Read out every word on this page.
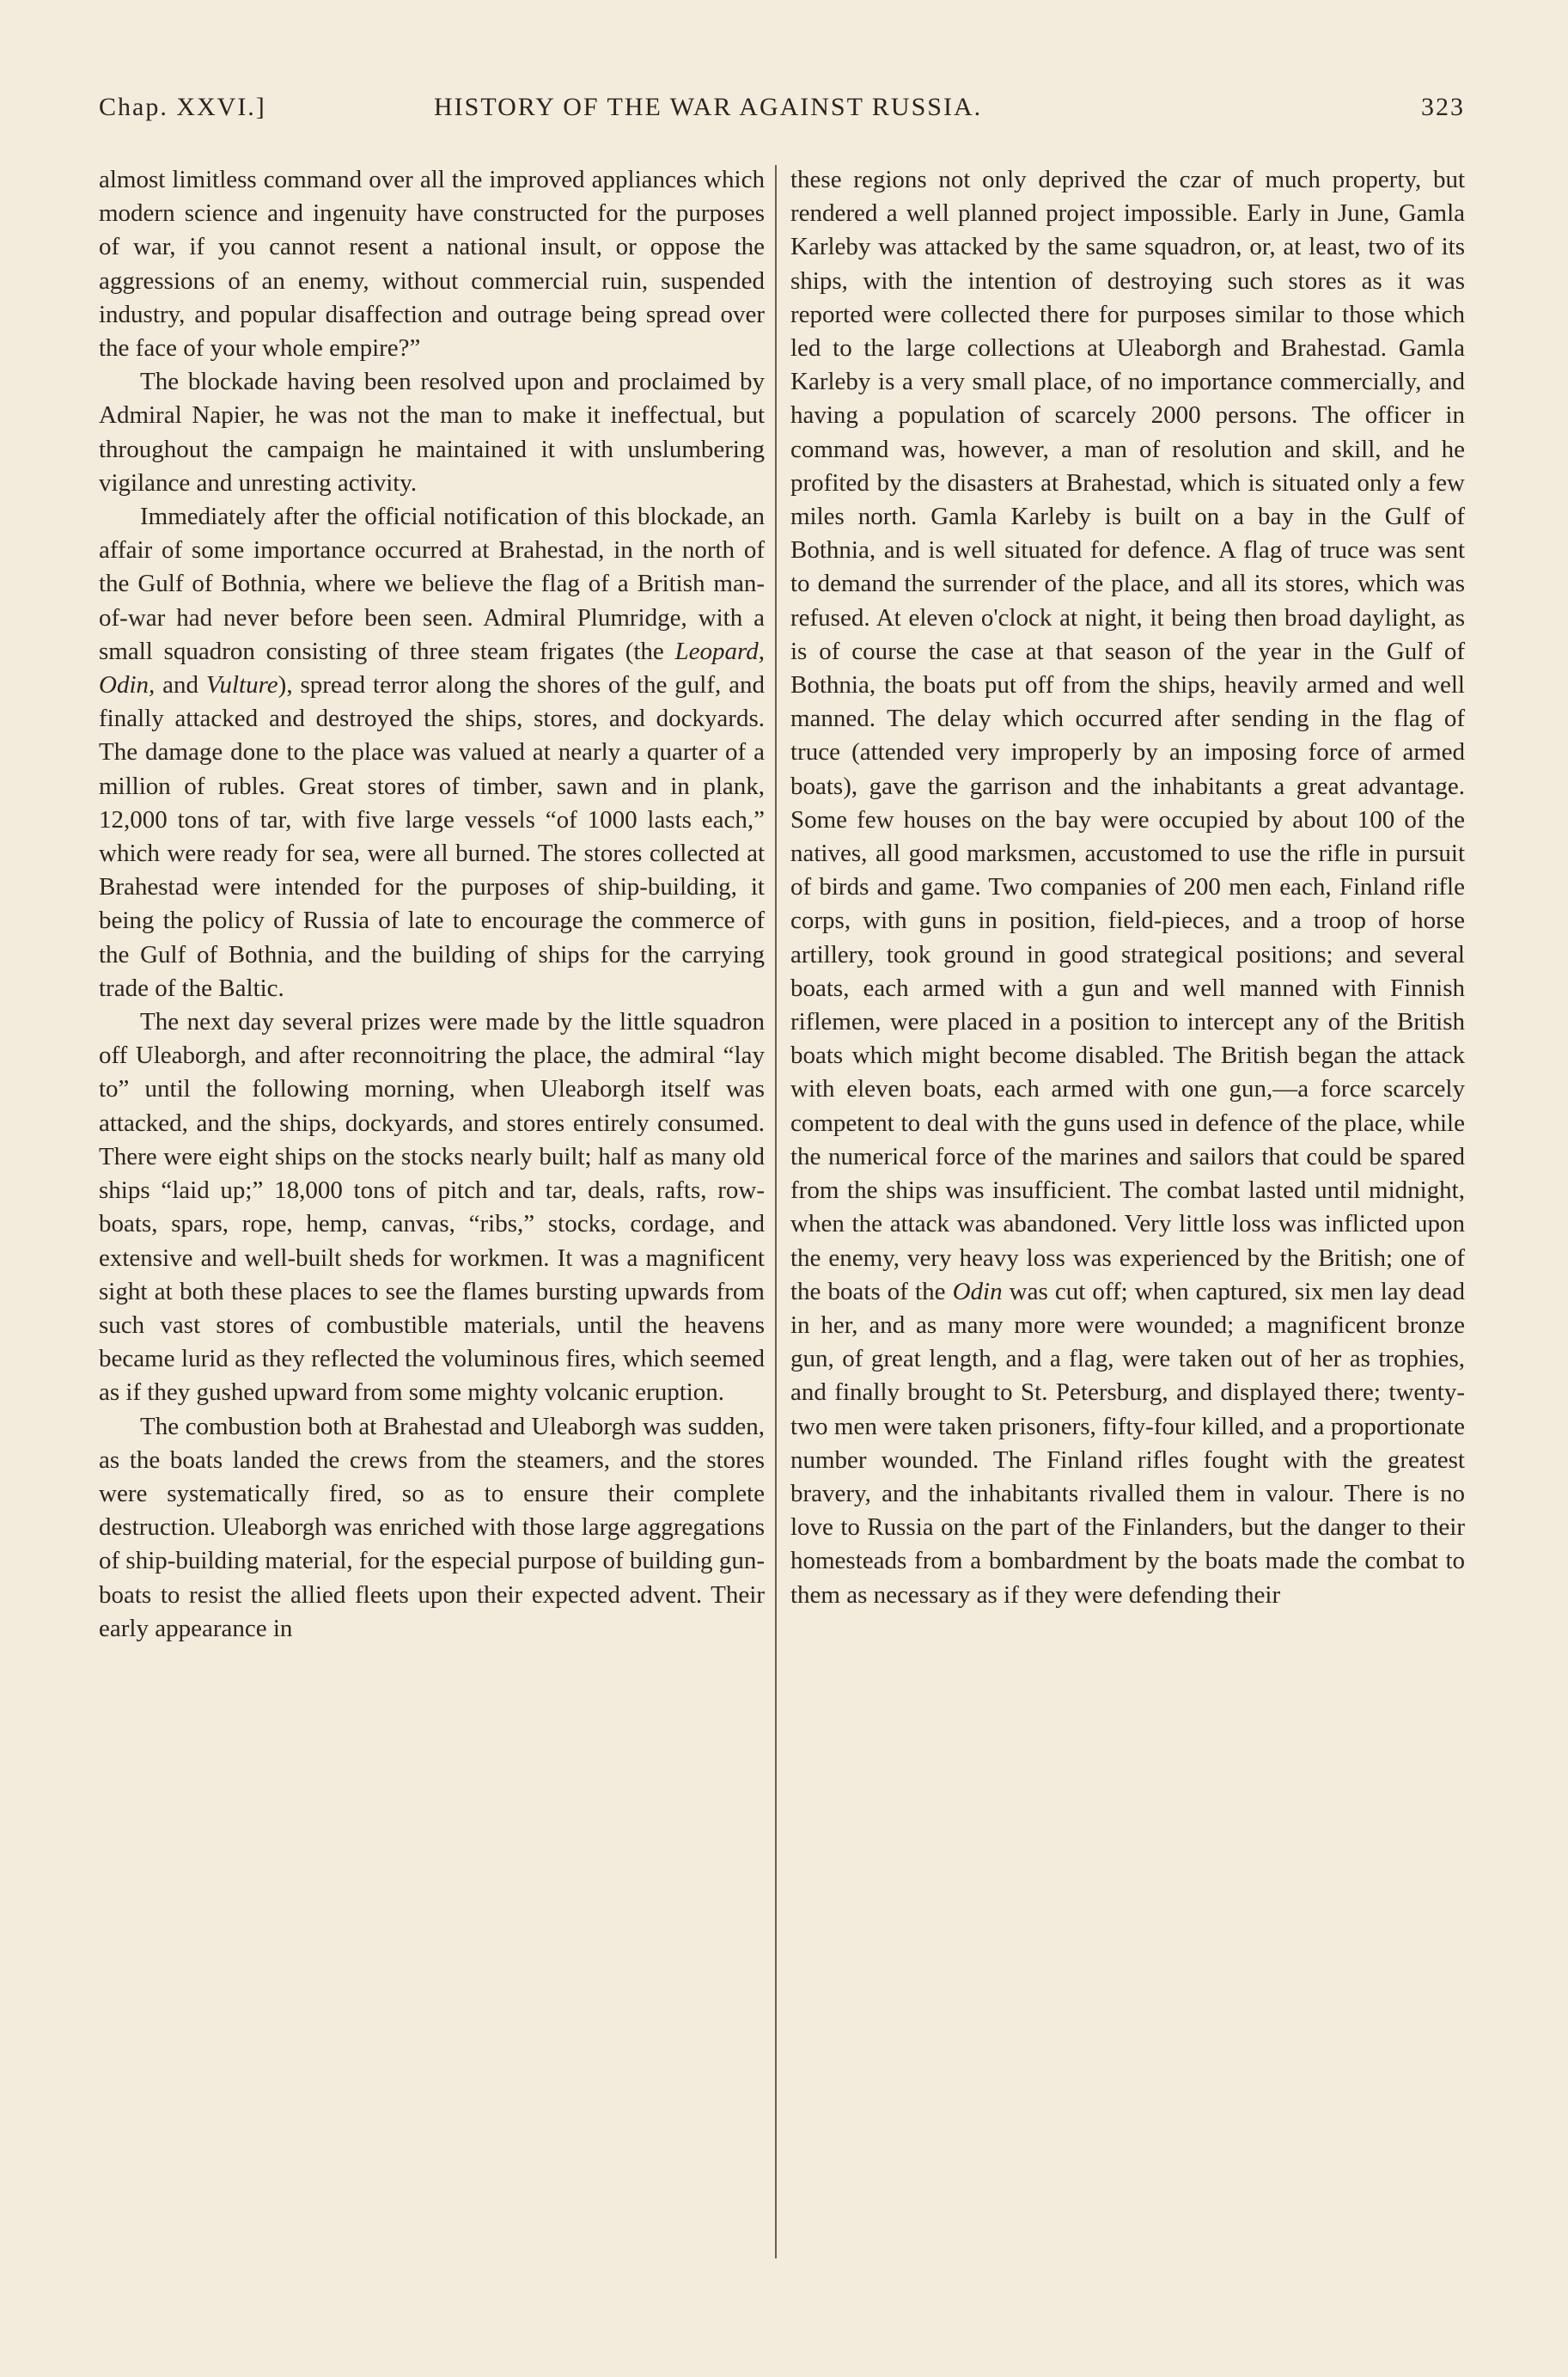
Chap. XXVI.]	HISTORY OF THE WAR AGAINST RUSSIA.	323

almost limitless command over all the improved appliances which modern science and ingenuity have constructed for the purposes of war, if you cannot resent a national insult, or oppose the aggressions of an enemy, without commercial ruin, suspended industry, and popular disaffection and outrage being spread over the face of your whole empire?”

The blockade having been resolved upon and proclaimed by Admiral Napier, he was not the man to make it ineffectual, but throughout the campaign he maintained it with unslumbering vigilance and unresting activity.

Immediately after the official notification of this blockade, an affair of some importance occurred at Brahestad, in the north of the Gulf of Bothnia, where we believe the flag of a British man-of-war had never before been seen. Admiral Plumridge, with a small squadron consisting of three steam frigates (the Leopard, Odin, and Vulture), spread terror along the shores of the gulf, and finally attacked and destroyed the ships, stores, and dockyards. The damage done to the place was valued at nearly a quarter of a million of rubles. Great stores of timber, sawn and in plank, 12,000 tons of tar, with five large vessels “of 1000 lasts each,” which were ready for sea, were all burned. The stores collected at Brahestad were intended for the purposes of ship-building, it being the policy of Russia of late to encourage the commerce of the Gulf of Bothnia, and the building of ships for the carrying trade of the Baltic.

The next day several prizes were made by the little squadron off Uleaborgh, and after reconnoitring the place, the admiral “lay to” until the following morning, when Uleaborgh itself was attacked, and the ships, dockyards, and stores entirely consumed. There were eight ships on the stocks nearly built; half as many old ships “laid up;” 18,000 tons of pitch and tar, deals, rafts, row-boats, spars, rope, hemp, canvas, “ribs,” stocks, cordage, and extensive and well-built sheds for workmen. It was a magnificent sight at both these places to see the flames bursting upwards from such vast stores of combustible materials, until the heavens became lurid as they reflected the voluminous fires, which seemed as if they gushed upward from some mighty volcanic eruption.

The combustion both at Brahestad and Uleaborgh was sudden, as the boats landed the crews from the steamers, and the stores were systematically fired, so as to ensure their complete destruction. Uleaborgh was enriched with those large aggregations of ship-building material, for the especial purpose of building gun-boats to resist the allied fleets upon their expected advent. Their early appearance in

these regions not only deprived the czar of much property, but rendered a well planned project impossible. Early in June, Gamla Karleby was attacked by the same squadron, or, at least, two of its ships, with the intention of destroying such stores as it was reported were collected there for purposes similar to those which led to the large collections at Uleaborgh and Brahestad. Gamla Karleby is a very small place, of no importance commercially, and having a population of scarcely 2000 persons. The officer in command was, however, a man of resolution and skill, and he profited by the disasters at Brahestad, which is situated only a few miles north. Gamla Karleby is built on a bay in the Gulf of Bothnia, and is well situated for defence. A flag of truce was sent to demand the surrender of the place, and all its stores, which was refused. At eleven o'clock at night, it being then broad daylight, as is of course the case at that season of the year in the Gulf of Bothnia, the boats put off from the ships, heavily armed and well manned. The delay which occurred after sending in the flag of truce (attended very improperly by an imposing force of armed boats), gave the garrison and the inhabitants a great advantage. Some few houses on the bay were occupied by about 100 of the natives, all good marksmen, accustomed to use the rifle in pursuit of birds and game. Two companies of 200 men each, Finland rifle corps, with guns in position, field-pieces, and a troop of horse artillery, took ground in good strategical positions; and several boats, each armed with a gun and well manned with Finnish riflemen, were placed in a position to intercept any of the British boats which might become disabled. The British began the attack with eleven boats, each armed with one gun,—a force scarcely competent to deal with the guns used in defence of the place, while the numerical force of the marines and sailors that could be spared from the ships was insufficient. The combat lasted until midnight, when the attack was abandoned. Very little loss was inflicted upon the enemy, very heavy loss was experienced by the British; one of the boats of the Odin was cut off; when captured, six men lay dead in her, and as many more were wounded; a magnificent bronze gun, of great length, and a flag, were taken out of her as trophies, and finally brought to St. Petersburg, and displayed there; twenty-two men were taken prisoners, fifty-four killed, and a proportionate number wounded. The Finland rifles fought with the greatest bravery, and the inhabitants rivalled them in valour. There is no love to Russia on the part of the Finlanders, but the danger to their homesteads from a bombardment by the boats made the combat to them as necessary as if they were defending their
